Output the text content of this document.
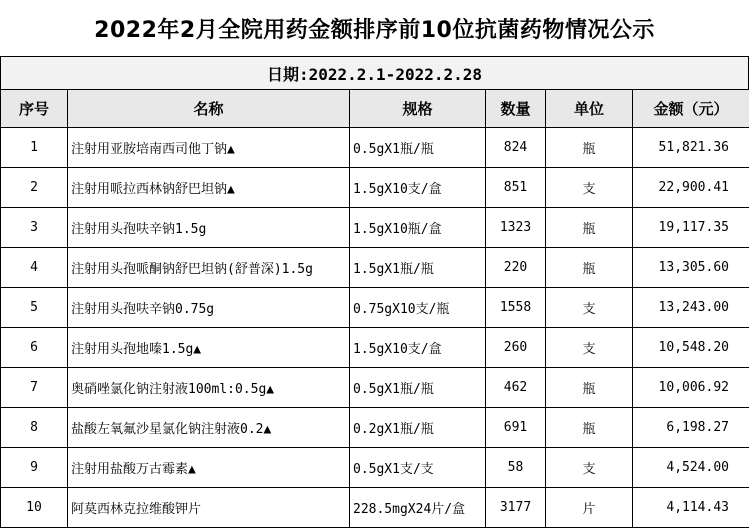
2022年2月全院用药金额排序前10位抗菌药物情况公示
日期:2022.2.1-2022.2.28
序号	名称	规格	数量	单位	金额（元）
1	注射用亚胺培南西司他丁钠▲	0.5gX1瓶/瓶	824	瓶	51,821.36
2	注射用哌拉西林钠舒巴坦钠▲	1.5gX10支/盒	851	支	22,900.41
3	注射用头孢呋辛钠1.5g	1.5gX10瓶/盒	1323	瓶	19,117.35
4	注射用头孢哌酮钠舒巴坦钠(舒普深)1.5g	1.5gX1瓶/瓶	220	瓶	13,305.60
5	注射用头孢呋辛钠0.75g	0.75gX10支/瓶	1558	支	13,243.00
6	注射用头孢地嗪1.5g▲	1.5gX10支/盒	260	支	10,548.20
7	奥硝唑氯化钠注射液100ml:0.5g▲	0.5gX1瓶/瓶	462	瓶	10,006.92
8	盐酸左氧氟沙星氯化钠注射液0.2▲	0.2gX1瓶/瓶	691	瓶	6,198.27
9	注射用盐酸万古霉素▲	0.5gX1支/支	58	支	4,524.00
10	阿莫西林克拉维酸钾片	228.5mgX24片/盒	3177	片	4,114.43
